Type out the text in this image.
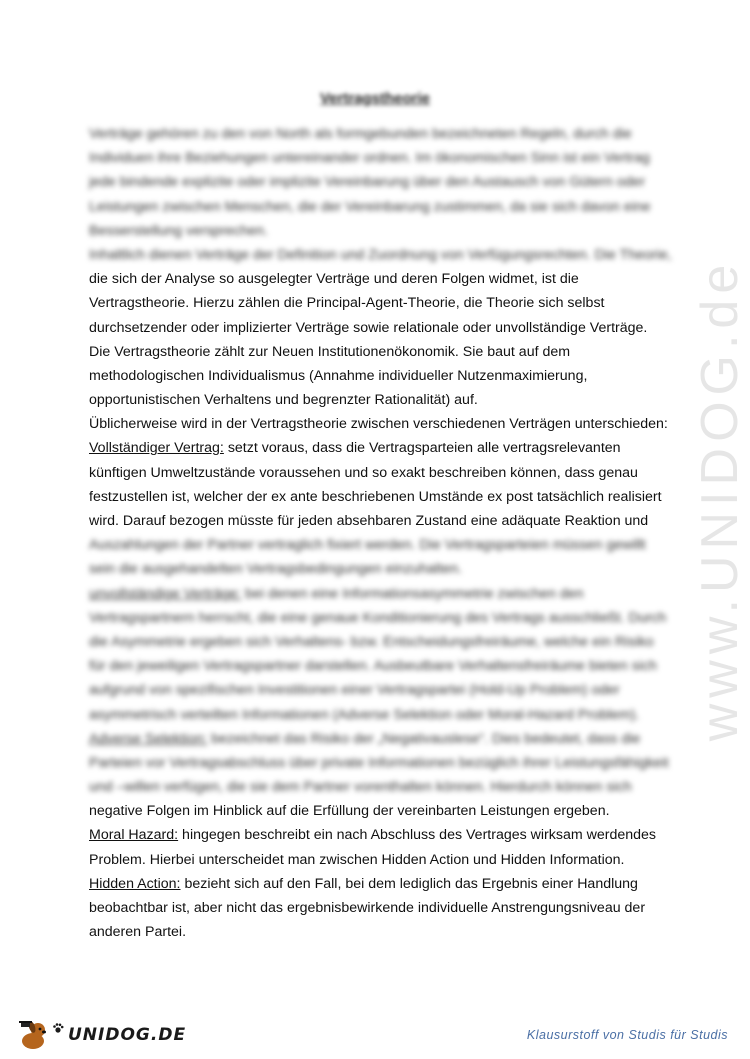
www.UNIDOG.de
Vertragstheorie
Verträge gehören zu den von North als formgebunden bezeichneten Regeln, durch die
Individuen ihre Beziehungen untereinander ordnen. Im ökonomischen Sinn ist ein Vertrag
jede bindende explizite oder implizite Vereinbarung über den Austausch von Gütern oder
Leistungen zwischen Menschen, die der Vereinbarung zustimmen, da sie sich davon eine
Besserstellung versprechen.
Inhaltlich dienen Verträge der Definition und Zuordnung von Verfügungsrechten. Die Theorie,
die sich der Analyse so ausgelegter Verträge und deren Folgen widmet, ist die
Vertragstheorie. Hierzu zählen die Principal-Agent-Theorie, die Theorie sich selbst
durchsetzender oder implizierter Verträge sowie relationale oder unvollständige Verträge.
Die Vertragstheorie zählt zur Neuen Institutionenökonomik. Sie baut auf dem
methodologischen Individualismus (Annahme individueller Nutzenmaximierung,
opportunistischen Verhaltens und begrenzter Rationalität) auf.
Üblicherweise wird in der Vertragstheorie zwischen verschiedenen Verträgen unterschieden:
Vollständiger Vertrag: setzt voraus, dass die Vertragsparteien alle vertragsrelevanten
künftigen Umweltzustände voraussehen und so exakt beschreiben können, dass genau
festzustellen ist, welcher der ex ante beschriebenen Umstände ex post tatsächlich realisiert
wird. Darauf bezogen müsste für jeden absehbaren Zustand eine adäquate Reaktion und
Auszahlungen der Partner vertraglich fixiert werden. Die Vertragsparteien müssen gewillt
sein die ausgehandelten Vertragsbedingungen einzuhalten.
unvollständige Verträge: bei denen eine Informationsasymmetrie zwischen den
Vertragspartnern herrscht, die eine genaue Konditionierung des Vertrags ausschließt. Durch
die Asymmetrie ergeben sich Verhaltens- bzw. Entscheidungsfreiräume, welche ein Risiko
für den jeweiligen Vertragspartner darstellen. Ausbeutbare Verhaltensfreiräume bieten sich
aufgrund von spezifischen Investitionen einer Vertragspartei (Hold-Up Problem) oder
asymmetrisch verteilten Informationen (Adverse Selektion oder Moral-Hazard Problem).
Adverse Selektion: bezeichnet das Risiko der „Negativauslese“. Dies bedeutet, dass die
Parteien vor Vertragsabschluss über private Informationen bezüglich ihrer Leistungsfähigkeit
und –willen verfügen, die sie dem Partner vorenthalten können. Hierdurch können sich
negative Folgen im Hinblick auf die Erfüllung der vereinbarten Leistungen ergeben.
Moral Hazard: hingegen beschreibt ein nach Abschluss des Vertrages wirksam werdendes
Problem. Hierbei unterscheidet man zwischen Hidden Action und Hidden Information.
Hidden Action: bezieht sich auf den Fall, bei dem lediglich das Ergebnis einer Handlung
beobachtbar ist, aber nicht das ergebnisbewirkende individuelle Anstrengungsniveau der
anderen Partei.
UNIDOG.DE	Klausurstoff von Studis für Studis
